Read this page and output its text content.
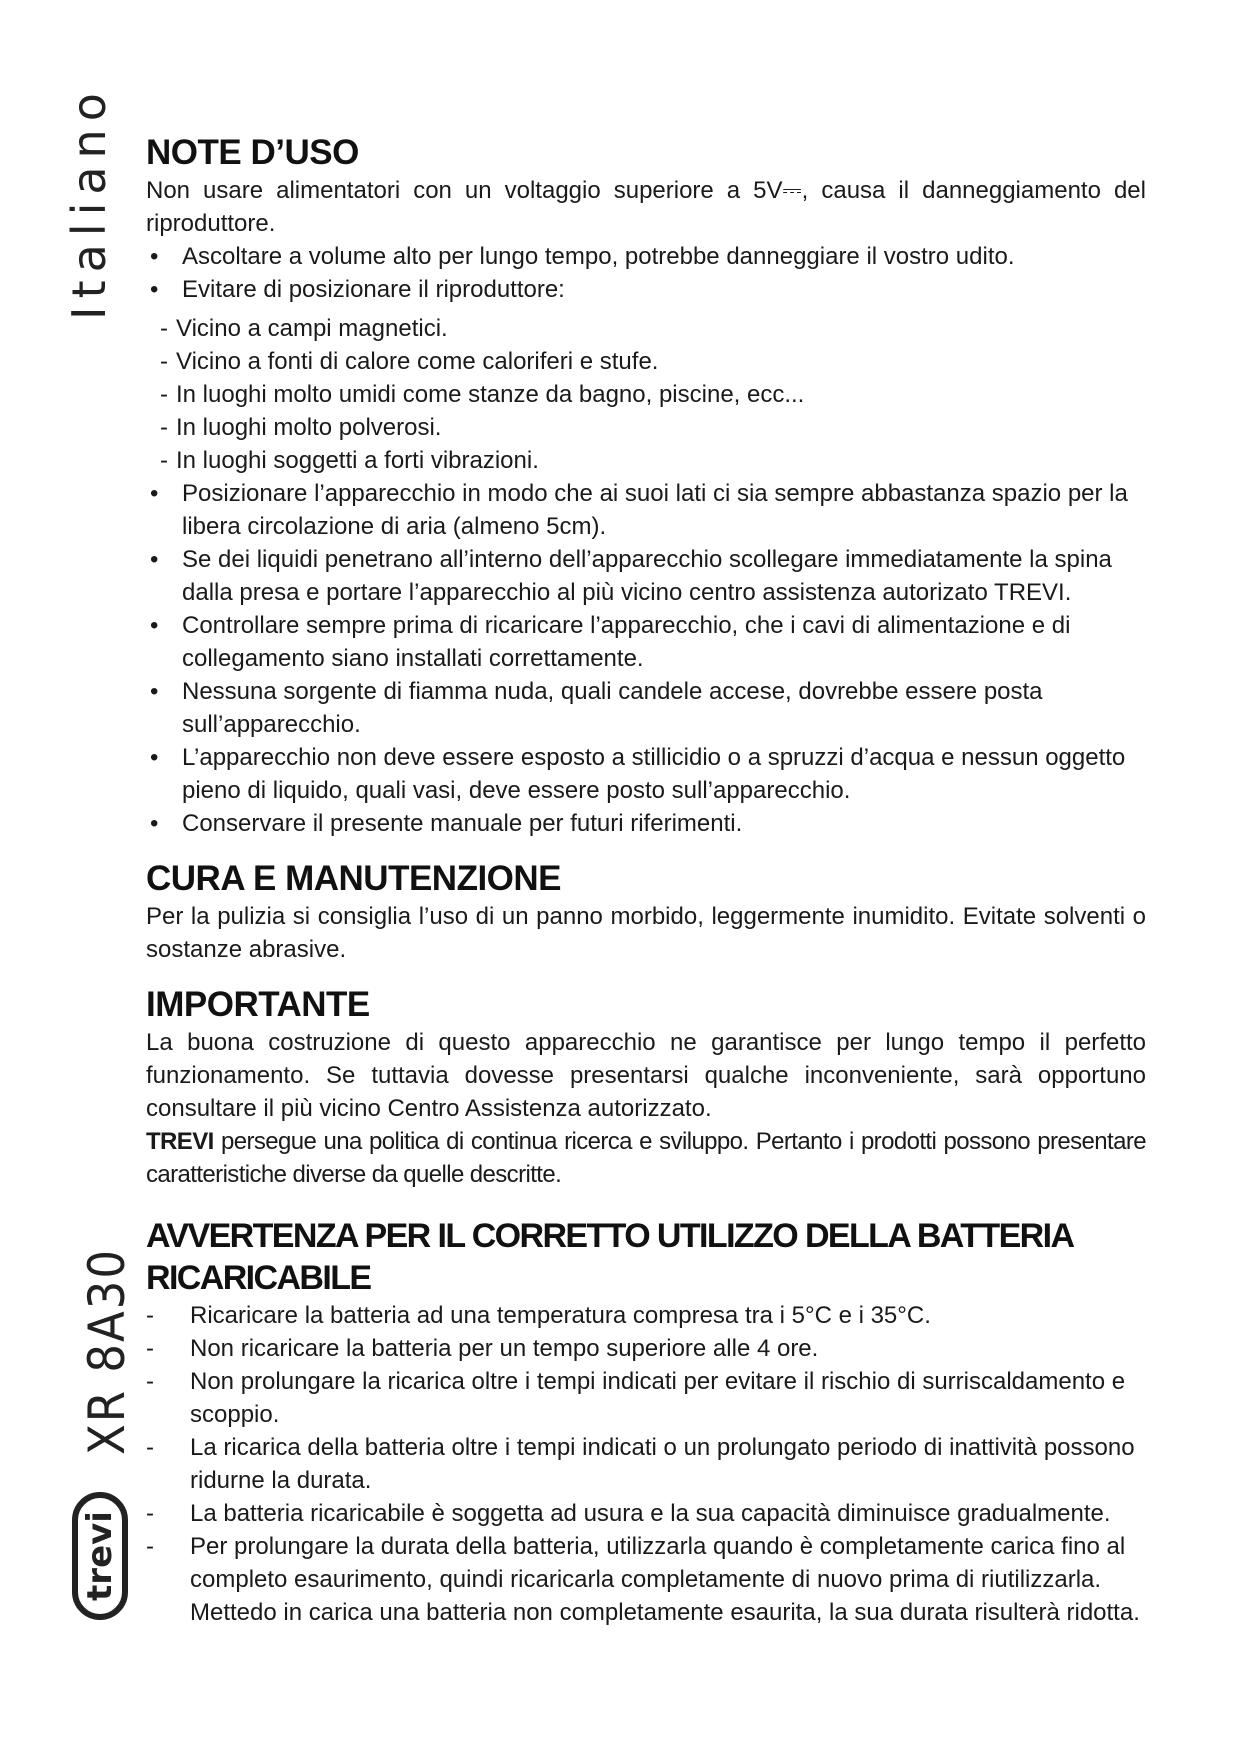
Italiano
XR 8A30
trevi
NOTE D’USO

Non usare alimentatori con un voltaggio superiore a 5V⎓, causa il danneggiamento del riproduttore.

• Ascoltare a volume alto per lungo tempo, potrebbe danneggiare il vostro udito.
• Evitare di posizionare il riproduttore:
- Vicino a campi magnetici.
- Vicino a fonti di calore come caloriferi e stufe.
- In luoghi molto umidi come stanze da bagno, piscine, ecc...
- In luoghi molto polverosi.
- In luoghi soggetti a forti vibrazioni.
• Posizionare l’apparecchio in modo che ai suoi lati ci sia sempre abbastanza spazio per la libera circolazione di aria (almeno 5cm).
• Se dei liquidi penetrano all’interno dell’apparecchio scollegare immediatamente la spina dalla presa e portare l’apparecchio al più vicino centro assistenza autorizato TREVI.
• Controllare sempre prima di ricaricare l’apparecchio, che i cavi di alimentazione e di collegamento siano installati correttamente.
• Nessuna sorgente di fiamma nuda, quali candele accese, dovrebbe essere posta sull’apparecchio.
• L’apparecchio non deve essere esposto a stillicidio o a spruzzi d’acqua e nessun oggetto pieno di liquido, quali vasi, deve essere posto sull’apparecchio.
• Conservare il presente manuale per futuri riferimenti.
CURA E MANUTENZIONE

Per la pulizia si consiglia l’uso di un panno morbido, leggermente inumidito. Evitate solventi o sostanze abrasive.

IMPORTANTE

La buona costruzione di questo apparecchio ne garantisce per lungo tempo il perfetto funzionamento. Se tuttavia dovesse presentarsi qualche inconveniente, sarà opportuno consultare il più vicino Centro Assistenza autorizzato.

TREVI persegue una politica di continua ricerca e sviluppo. Pertanto i prodotti possono presentare caratteristiche diverse da quelle descritte.

AVVERTENZA PER IL CORRETTO UTILIZZO DELLA BATTERIA RICARICABILE
- Ricaricare la batteria ad una temperatura compresa tra i 5°C e i 35°C.
- Non ricaricare la batteria per un tempo superiore alle 4 ore.
- Non prolungare la ricarica oltre i tempi indicati per evitare il rischio di surriscaldamento e scoppio.
- La ricarica della batteria oltre i tempi indicati o un prolungato periodo di inattività possono ridurne la durata.
- La batteria ricaricabile è soggetta ad usura e la sua capacità diminuisce gradualmente.
- Per prolungare la durata della batteria, utilizzarla quando è completamente carica fino al completo esaurimento, quindi ricaricarla completamente di nuovo prima di riutilizzarla. Mettedo in carica una batteria non completamente esaurita, la sua durata risulterà ridotta.
